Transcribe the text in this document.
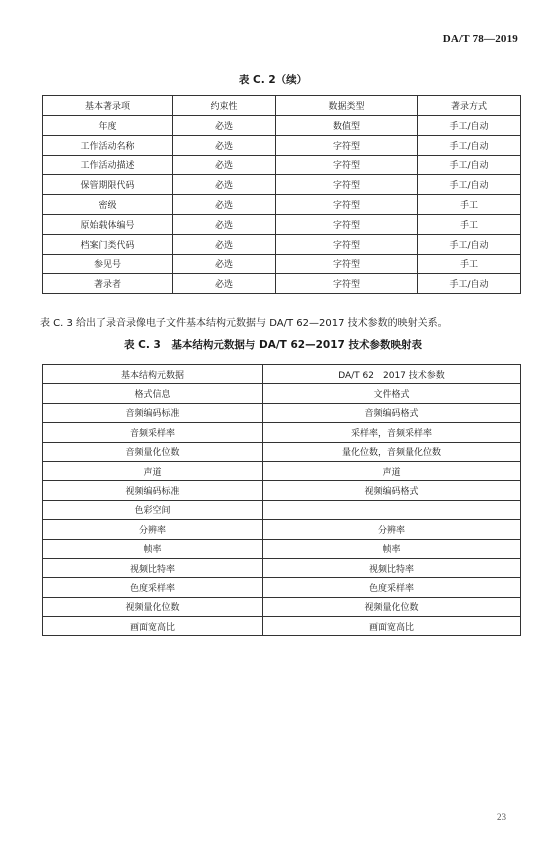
DA/T 78—2019
表 C. 2（续）
基本著录项	约束性	数据类型	著录方式
年度	必选	数值型	手工/自动
工作活动名称	必选	字符型	手工/自动
工作活动描述	必选	字符型	手工/自动
保管期限代码	必选	字符型	手工/自动
密级	必选	字符型	手工
原始载体编号	必选	字符型	手工
档案门类代码	必选	字符型	手工/自动
参见号	必选	字符型	手工
著录者	必选	字符型	手工/自动
表 C. 3 给出了录音录像电子文件基本结构元数据与 DA/T 62—2017 技术参数的映射关系。
表 C. 3　基本结构元数据与 DA/T 62—2017 技术参数映射表
基本结构元数据	DA/T 62　2017 技术参数
格式信息	文件格式
音频编码标准	音频编码格式
音频采样率	采样率，音频采样率
音频量化位数	量化位数，音频量化位数
声道	声道
视频编码标准	视频编码格式
色彩空间	
分辨率	分辨率
帧率	帧率
视频比特率	视频比特率
色度采样率	色度采样率
视频量化位数	视频量化位数
画面宽高比	画面宽高比
23
